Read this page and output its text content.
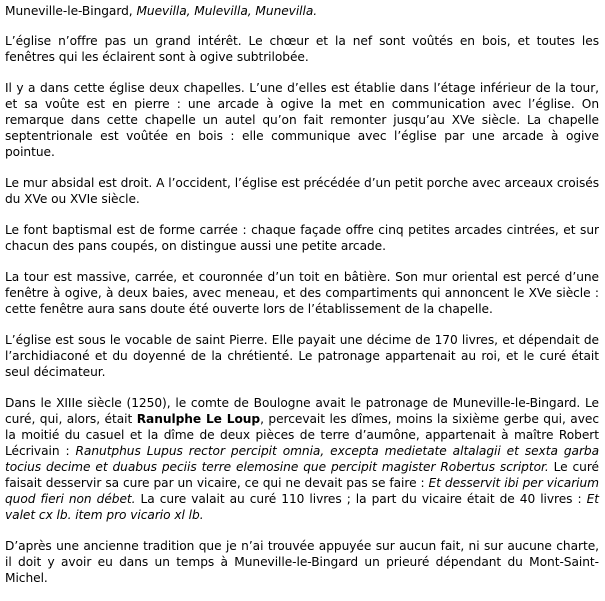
Muneville-le-Bingard, Muevilla, Mulevilla, Munevilla.

L’église n’offre pas un grand intérêt. Le chœur et la nef sont voûtés en bois, et toutes les fenêtres qui les éclairent sont à ogive subtrilobée.

Il y a dans cette église deux chapelles. L’une d’elles est établie dans l’étage inférieur de la tour, et sa voûte est en pierre : une arcade à ogive la met en communication avec l’église. On remarque dans cette chapelle un autel qu’on fait remonter jusqu’au XVe siècle. La chapelle septentrionale est voûtée en bois : elle communique avec l’église par une arcade à ogive pointue.

Le mur absidal est droit. A l’occident, l’église est précédée d’un petit porche avec arceaux croisés du XVe ou XVIe siècle.

Le font baptismal est de forme carrée : chaque façade offre cinq petites arcades cintrées, et sur chacun des pans coupés, on distingue aussi une petite arcade.

La tour est massive, carrée, et couronnée d’un toit en bâtière. Son mur oriental est percé d’une fenêtre à ogive, à deux baies, avec meneau, et des compartiments qui annoncent le XVe siècle : cette fenêtre aura sans doute été ouverte lors de l’établissement de la chapelle.

L’église est sous le vocable de saint Pierre. Elle payait une décime de 170 livres, et dépendait de l’archidiaconé et du doyenné de la chrétienté. Le patronage appartenait au roi, et le curé était seul décimateur.

Dans le XIIIe siècle (1250), le comte de Boulogne avait le patronage de Muneville-le-Bingard. Le curé, qui, alors, était Ranulphe Le Loup, percevait les dîmes, moins la sixième gerbe qui, avec la moitié du casuel et la dîme de deux pièces de terre d’aumône, appartenait à maître Robert Lécrivain : Ranutphus Lupus rector percipit omnia, excepta medietate altalagii et sexta garba tocius decime et duabus peciis terre elemosine que percipit magister Robertus scriptor. Le curé faisait desservir sa cure par un vicaire, ce qui ne devait pas se faire : Et desservit ibi per vicarium quod fieri non débet. La cure valait au curé 110 livres ; la part du vicaire était de 40 livres : Et valet cx lb. item pro vicario xl lb.

D’après une ancienne tradition que je n’ai trouvée appuyée sur aucun fait, ni sur aucune charte, il doit y avoir eu dans un temps à Muneville-le-Bingard un prieuré dépendant du Mont-Saint-Michel.
